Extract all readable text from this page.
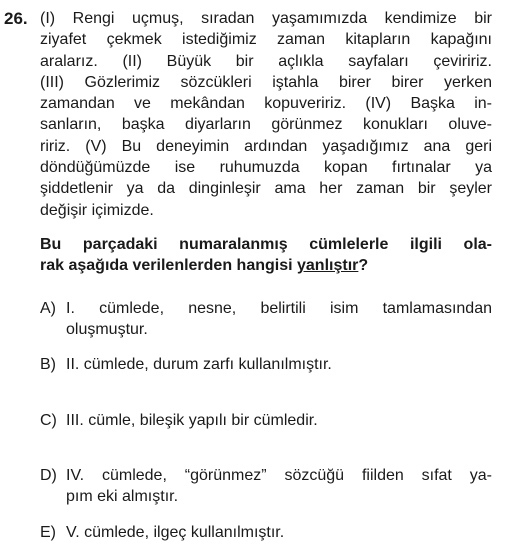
26. (I) Rengi uçmuş, sıradan yaşamımızda kendimize bir
ziyafet çekmek istediğimiz zaman kitapların kapağını
aralarız. (II) Büyük bir açlıkla sayfaları çeviririz.
(III) Gözlerimiz sözcükleri iştahla birer birer yerken
zamandan ve mekândan kopuveririz. (IV) Başka in-
sanların, başka diyarların görünmez konukları oluve-
ririz. (V) Bu deneyimin ardından yaşadığımız ana geri
döndüğümüzde ise ruhumuzda kopan fırtınalar ya
şiddetlenir ya da dinginleşir ama her zaman bir şeyler
değişir içimizde.
Bu parçadaki numaralanmış cümlelerle ilgili ola-
rak aşağıda verilenlerden hangisi yanlıştır?
A) I. cümlede, nesne, belirtili isim tamlamasından
oluşmuştur.
B) II. cümlede, durum zarfı kullanılmıştır.
C) III. cümle, bileşik yapılı bir cümledir.
D) IV. cümlede, “görünmez” sözcüğü fiilden sıfat ya-
pım eki almıştır.
E) V. cümlede, ilgeç kullanılmıştır.
